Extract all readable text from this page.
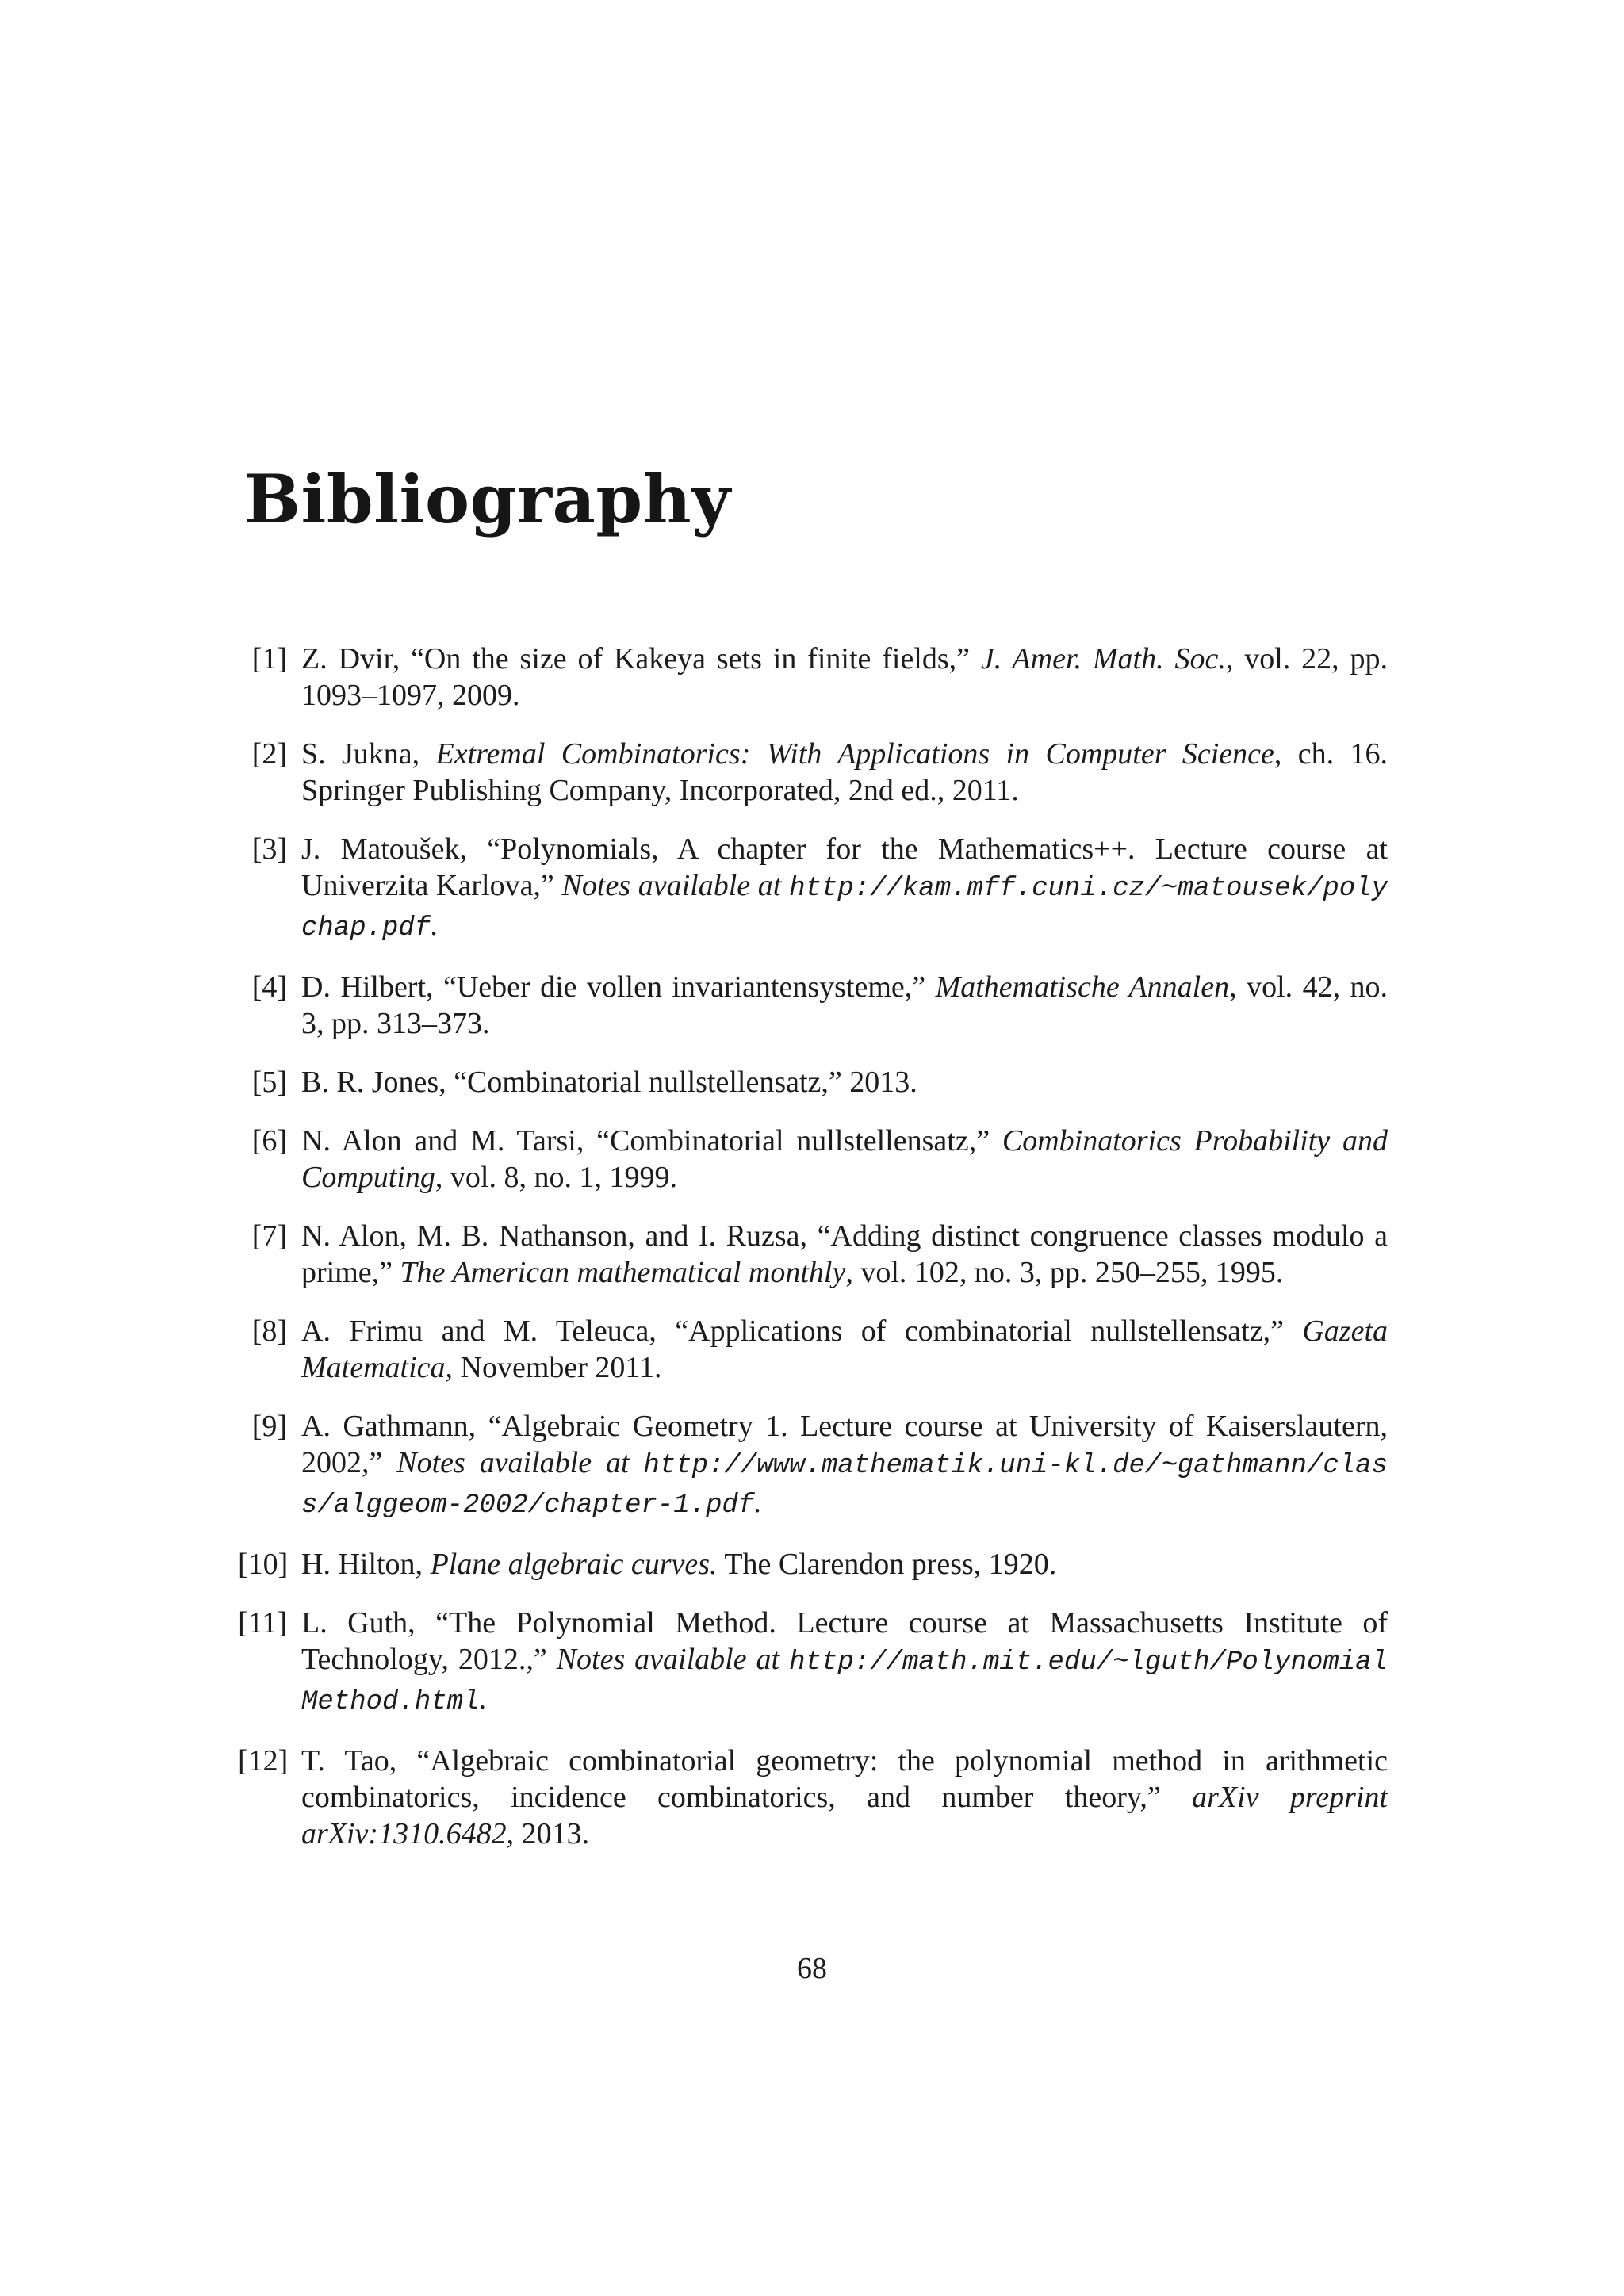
Bibliography
[1] Z. Dvir, “On the size of Kakeya sets in finite fields,” J. Amer. Math. Soc., vol. 22, pp. 1093–1097, 2009.
[2] S. Jukna, Extremal Combinatorics: With Applications in Computer Science, ch. 16. Springer Publishing Company, Incorporated, 2nd ed., 2011.
[3] J. Matoušek, “Polynomials, A chapter for the Mathematics++. Lecture course at Univerzita Karlova,” Notes available at http://kam.mff.cuni.cz/~matousek/polychap.pdf.
[4] D. Hilbert, “Ueber die vollen invariantensysteme,” Mathematische Annalen, vol. 42, no. 3, pp. 313–373.
[5] B. R. Jones, “Combinatorial nullstellensatz,” 2013.
[6] N. Alon and M. Tarsi, “Combinatorial nullstellensatz,” Combinatorics Probability and Computing, vol. 8, no. 1, 1999.
[7] N. Alon, M. B. Nathanson, and I. Ruzsa, “Adding distinct congruence classes modulo a prime,” The American mathematical monthly, vol. 102, no. 3, pp. 250–255, 1995.
[8] A. Frimu and M. Teleuca, “Applications of combinatorial nullstellensatz,” Gazeta Matematica, November 2011.
[9] A. Gathmann, “Algebraic Geometry 1. Lecture course at University of Kaiserslautern, 2002,” Notes available at http://www.mathematik.uni-kl.de/~gathmann/class/alggeom-2002/chapter-1.pdf.
[10] H. Hilton, Plane algebraic curves. The Clarendon press, 1920.
[11] L. Guth, “The Polynomial Method. Lecture course at Massachusetts Institute of Technology, 2012.,” Notes available at http://math.mit.edu/~lguth/PolynomialMethod.html.
[12] T. Tao, “Algebraic combinatorial geometry: the polynomial method in arithmetic combinatorics, incidence combinatorics, and number theory,” arXiv preprint arXiv:1310.6482, 2013.
68
